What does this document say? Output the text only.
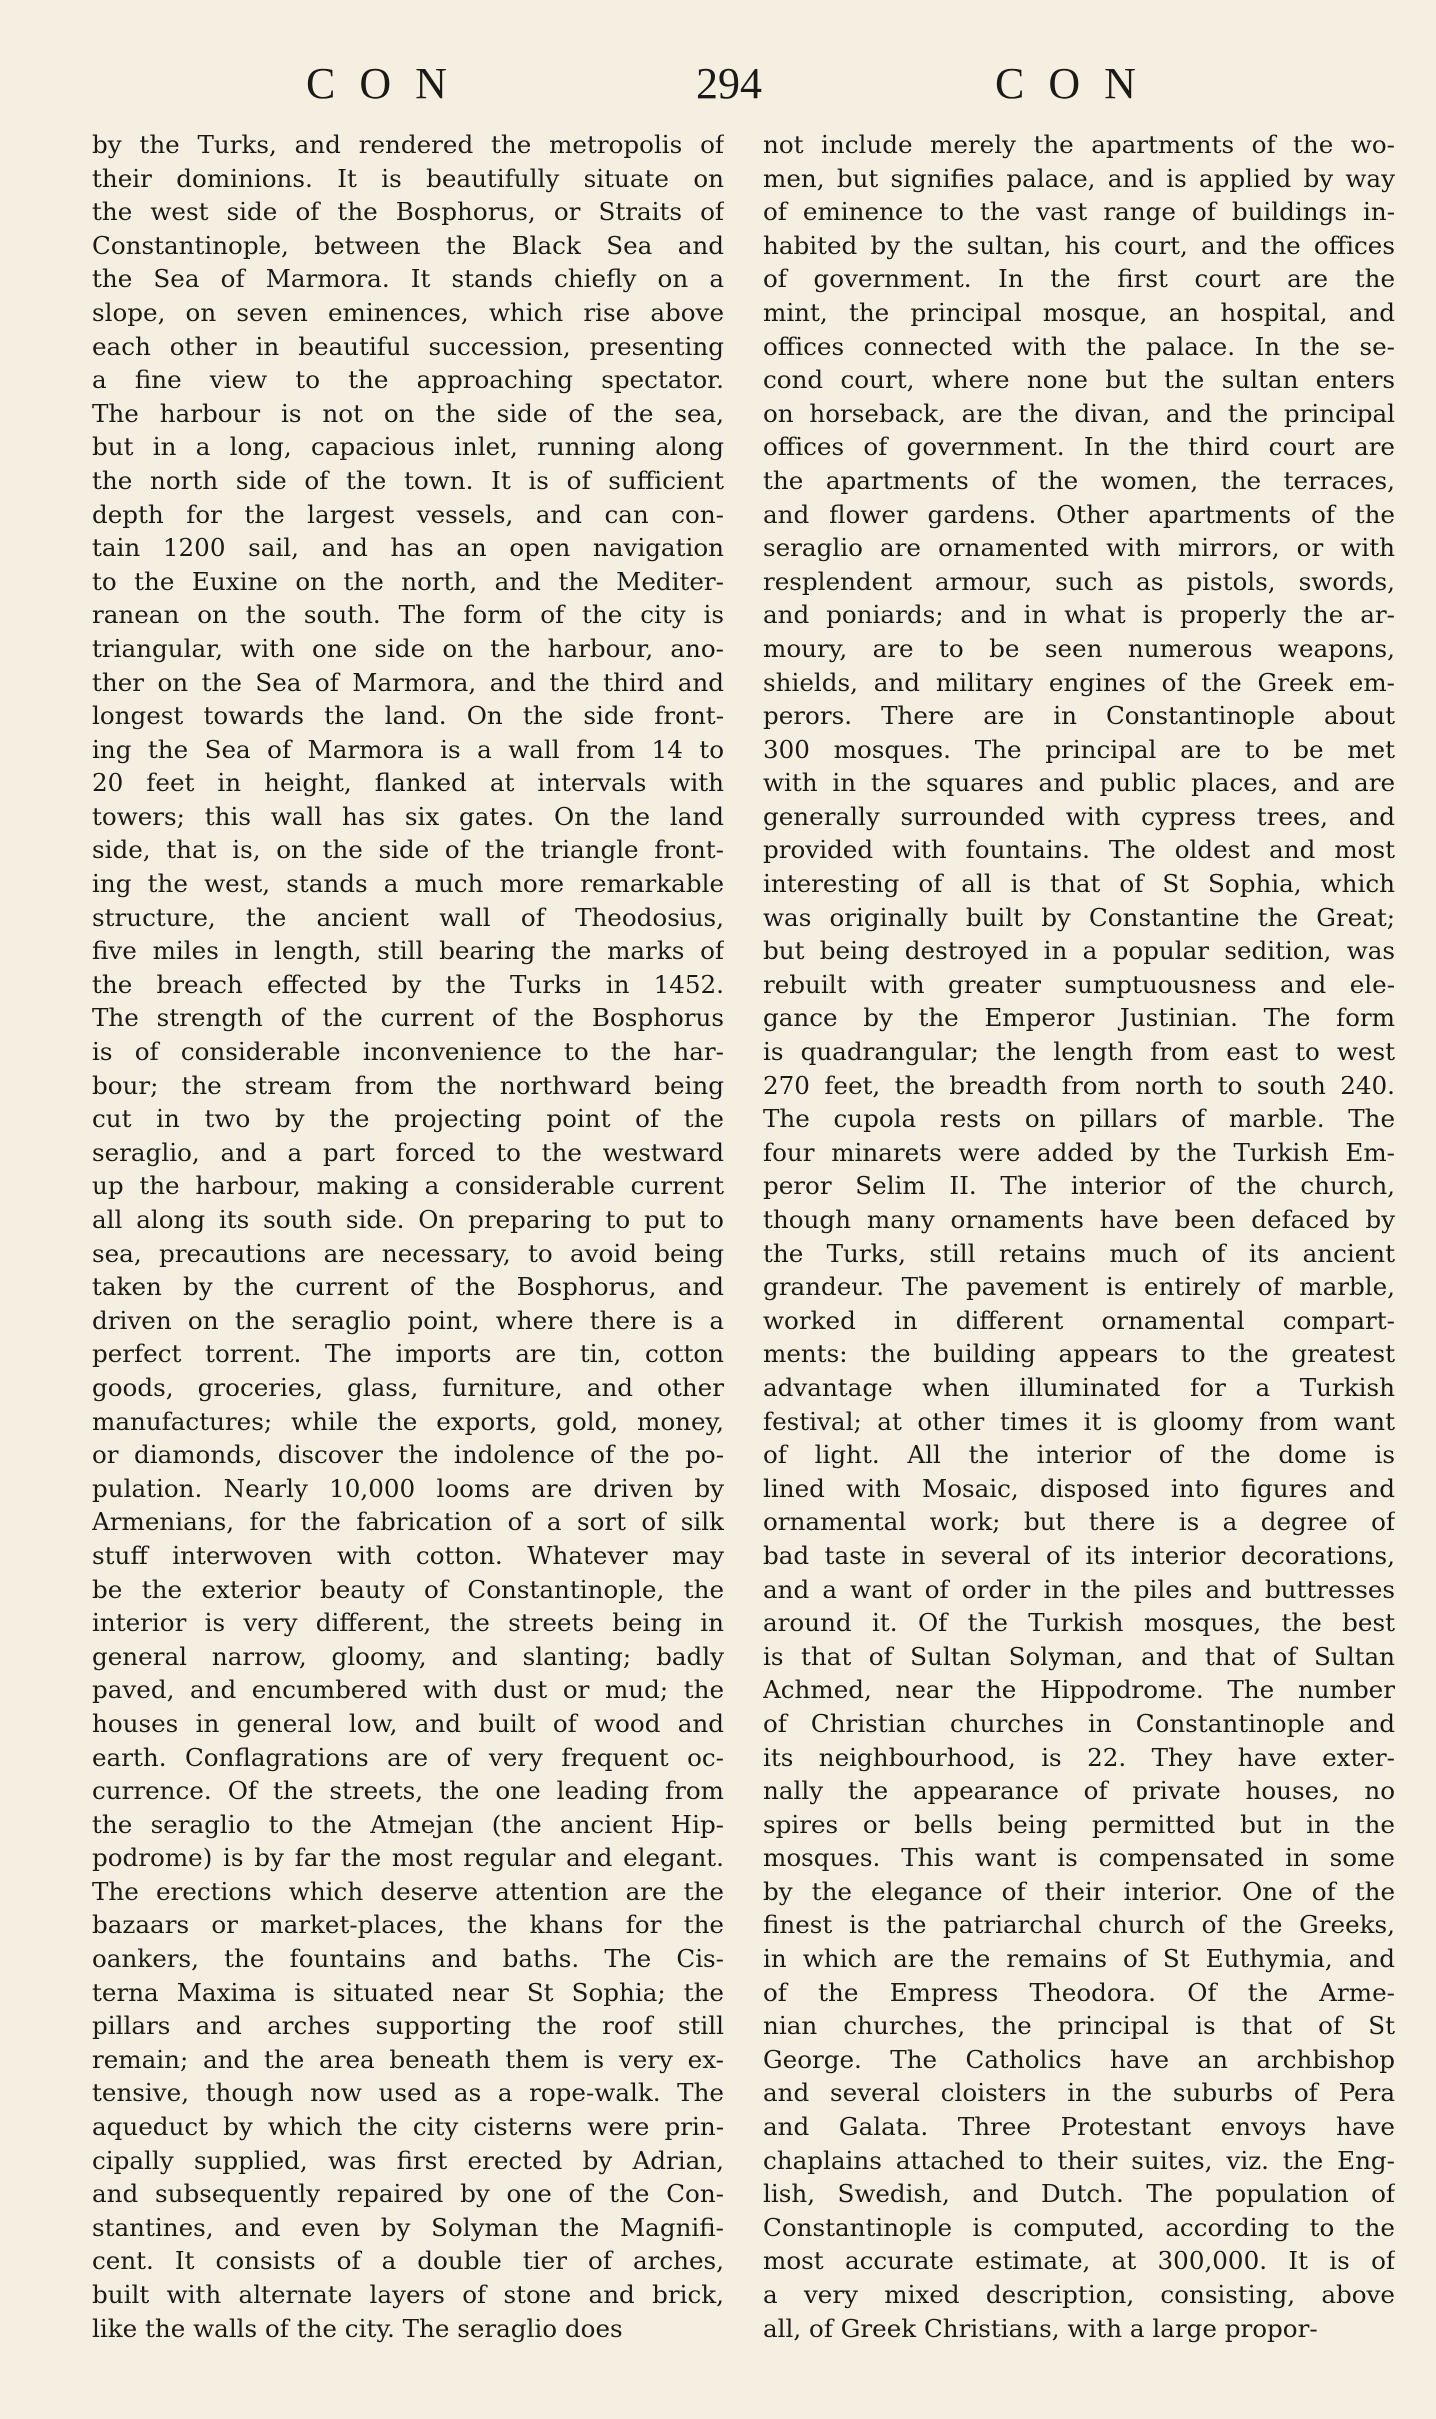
CON	294	CON
by the Turks, and rendered the metropolis of
their dominions. It is beautifully situate on
the west side of the Bosphorus, or Straits of
Constantinople, between the Black Sea and
the Sea of Marmora. It stands chiefly on a
slope, on seven eminences, which rise above
each other in beautiful succession, presenting
a fine view to the approaching spectator.
The harbour is not on the side of the sea,
but in a long, capacious inlet, running along
the north side of the town. It is of sufficient
depth for the largest vessels, and can con-
tain 1200 sail, and has an open navigation
to the Euxine on the north, and the Mediter-
ranean on the south. The form of the city is
triangular, with one side on the harbour, ano-
ther on the Sea of Marmora, and the third and
longest towards the land. On the side front-
ing the Sea of Marmora is a wall from 14 to
20 feet in height, flanked at intervals with
towers; this wall has six gates. On the land
side, that is, on the side of the triangle front-
ing the west, stands a much more remarkable
structure, the ancient wall of Theodosius,
five miles in length, still bearing the marks of
the breach effected by the Turks in 1452.
The strength of the current of the Bosphorus
is of considerable inconvenience to the har-
bour; the stream from the northward being
cut in two by the projecting point of the
seraglio, and a part forced to the westward
up the harbour, making a considerable current
all along its south side. On preparing to put to
sea, precautions are necessary, to avoid being
taken by the current of the Bosphorus, and
driven on the seraglio point, where there is a
perfect torrent. The imports are tin, cotton
goods, groceries, glass, furniture, and other
manufactures; while the exports, gold, money,
or diamonds, discover the indolence of the po-
pulation. Nearly 10,000 looms are driven by
Armenians, for the fabrication of a sort of silk
stuff interwoven with cotton. Whatever may
be the exterior beauty of Constantinople, the
interior is very different, the streets being in
general narrow, gloomy, and slanting; badly
paved, and encumbered with dust or mud; the
houses in general low, and built of wood and
earth. Conflagrations are of very frequent oc-
currence. Of the streets, the one leading from
the seraglio to the Atmejan (the ancient Hip-
podrome) is by far the most regular and elegant.
The erections which deserve attention are the
bazaars or market-places, the khans for the
oankers, the fountains and baths. The Cis-
terna Maxima is situated near St Sophia; the
pillars and arches supporting the roof still
remain; and the area beneath them is very ex-
tensive, though now used as a rope-walk. The
aqueduct by which the city cisterns were prin-
cipally supplied, was first erected by Adrian,
and subsequently repaired by one of the Con-
stantines, and even by Solyman the Magnifi-
cent. It consists of a double tier of arches,
built with alternate layers of stone and brick,
like the walls of the city. The seraglio does
not include merely the apartments of the wo-
men, but signifies palace, and is applied by way
of eminence to the vast range of buildings in-
habited by the sultan, his court, and the offices
of government. In the first court are the
mint, the principal mosque, an hospital, and
offices connected with the palace. In the se-
cond court, where none but the sultan enters
on horseback, are the divan, and the principal
offices of government. In the third court are
the apartments of the women, the terraces,
and flower gardens. Other apartments of the
seraglio are ornamented with mirrors, or with
resplendent armour, such as pistols, swords,
and poniards; and in what is properly the ar-
moury, are to be seen numerous weapons,
shields, and military engines of the Greek em-
perors. There are in Constantinople about
300 mosques. The principal are to be met
with in the squares and public places, and are
generally surrounded with cypress trees, and
provided with fountains. The oldest and most
interesting of all is that of St Sophia, which
was originally built by Constantine the Great;
but being destroyed in a popular sedition, was
rebuilt with greater sumptuousness and ele-
gance by the Emperor Justinian. The form
is quadrangular; the length from east to west
270 feet, the breadth from north to south 240.
The cupola rests on pillars of marble. The
four minarets were added by the Turkish Em-
peror Selim II. The interior of the church,
though many ornaments have been defaced by
the Turks, still retains much of its ancient
grandeur. The pavement is entirely of marble,
worked in different ornamental compart-
ments: the building appears to the greatest
advantage when illuminated for a Turkish
festival; at other times it is gloomy from want
of light. All the interior of the dome is
lined with Mosaic, disposed into figures and
ornamental work; but there is a degree of
bad taste in several of its interior decorations,
and a want of order in the piles and buttresses
around it. Of the Turkish mosques, the best
is that of Sultan Solyman, and that of Sultan
Achmed, near the Hippodrome. The number
of Christian churches in Constantinople and
its neighbourhood, is 22. They have exter-
nally the appearance of private houses, no
spires or bells being permitted but in the
mosques. This want is compensated in some
by the elegance of their interior. One of the
finest is the patriarchal church of the Greeks,
in which are the remains of St Euthymia, and
of the Empress Theodora. Of the Arme-
nian churches, the principal is that of St
George. The Catholics have an archbishop
and several cloisters in the suburbs of Pera
and Galata. Three Protestant envoys have
chaplains attached to their suites, viz. the Eng-
lish, Swedish, and Dutch. The population of
Constantinople is computed, according to the
most accurate estimate, at 300,000. It is of
a very mixed description, consisting, above
all, of Greek Christians, with a large propor-
